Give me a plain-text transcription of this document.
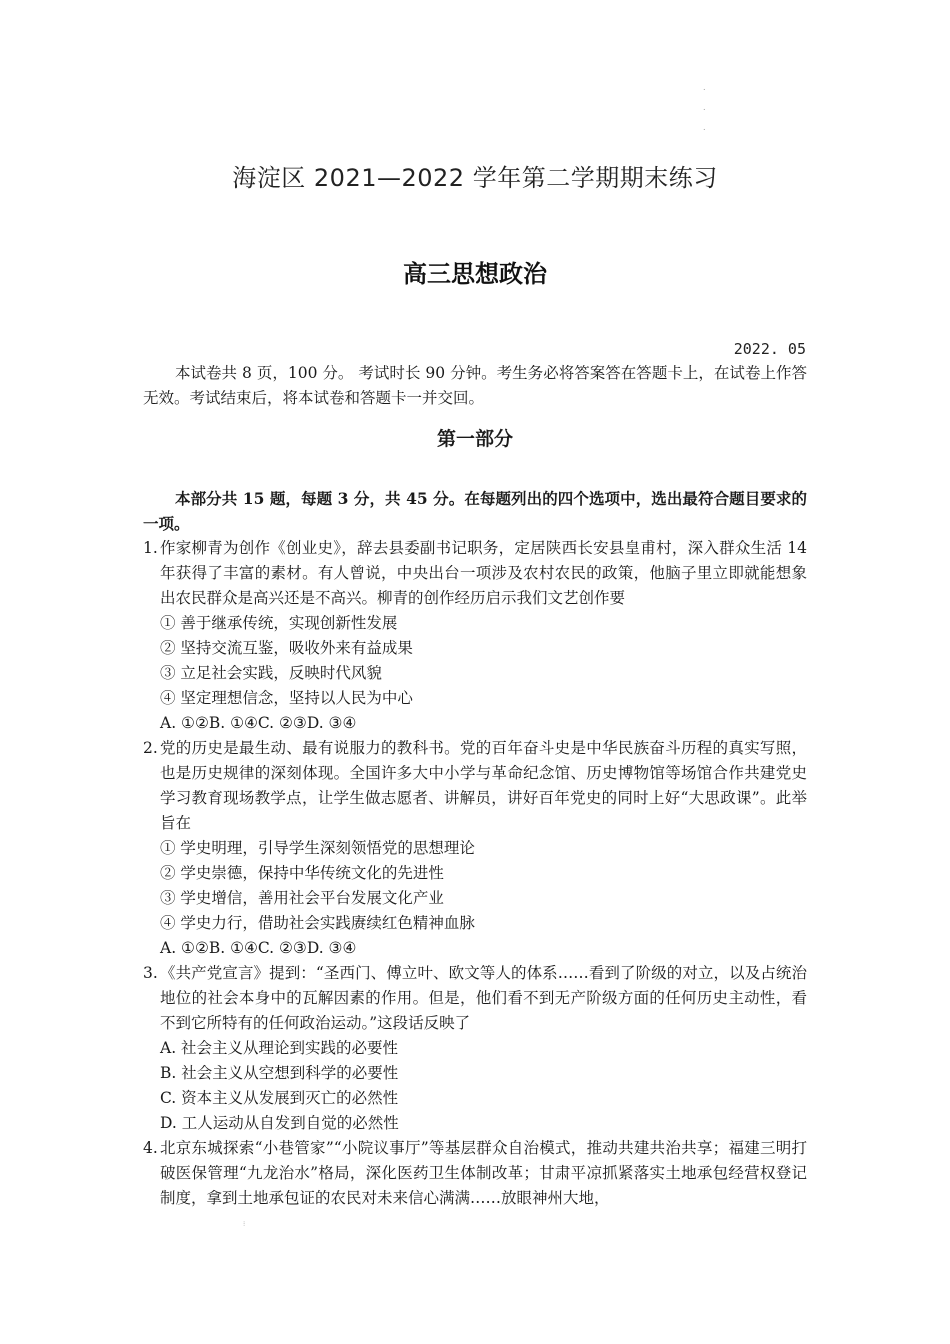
.
.
.
海淀区 2021—2022 学年第二学期期末练习
高三思想政治
2022. 05
本试卷共 8 页，100 分。 考试时长 90 分钟。考生务必将答案答在答题卡上，在试卷上作答无效。考试结束后，将本试卷和答题卡一并交回。
第一部分
本部分共 15 题，每题 3 分，共 45 分。在每题列出的四个选项中，选出最符合题目要求的一项。
1. 作家柳青为创作《创业史》，辞去县委副书记职务，定居陕西长安县皇甫村，深入群众生活 14 年获得了丰富的素材。有人曾说，中央出台一项涉及农村农民的政策，他脑子里立即就能想象出农民群众是高兴还是不高兴。柳青的创作经历启示我们文艺创作要
① 善于继承传统，实现创新性发展
② 坚持交流互鉴，吸收外来有益成果
③ 立足社会实践，反映时代风貌
④ 坚定理想信念，坚持以人民为中心
A. ①②B. ①④C. ②③D. ③④
2. 党的历史是最生动、最有说服力的教科书。党的百年奋斗史是中华民族奋斗历程的真实写照，也是历史规律的深刻体现。全国许多大中小学与革命纪念馆、历史博物馆等场馆合作共建党史学习教育现场教学点，让学生做志愿者、讲解员，讲好百年党史的同时上好“大思政课”。此举旨在
① 学史明理，引导学生深刻领悟党的思想理论
② 学史崇德，保持中华传统文化的先进性
③ 学史增信，善用社会平台发展文化产业
④ 学史力行，借助社会实践赓续红色精神血脉
A. ①②B. ①④C. ②③D. ③④
3. 《共产党宣言》提到：“圣西门、傅立叶、欧文等人的体系……看到了阶级的对立，以及占统治地位的社会本身中的瓦解因素的作用。但是，他们看不到无产阶级方面的任何历史主动性，看不到它所特有的任何政治运动。”这段话反映了
A. 社会主义从理论到实践的必要性
B. 社会主义从空想到科学的必要性
C. 资本主义从发展到灭亡的必然性
D. 工人运动从自发到自觉的必然性
4. 北京东城探索“小巷管家”“小院议事厅”等基层群众自治模式，推动共建共治共享；福建三明打破医保管理“九龙治水”格局，深化医药卫生体制改革；甘肃平凉抓紧落实土地承包经营权登记制度，拿到土地承包证的农民对未来信心满满……放眼神州大地，
⁝
